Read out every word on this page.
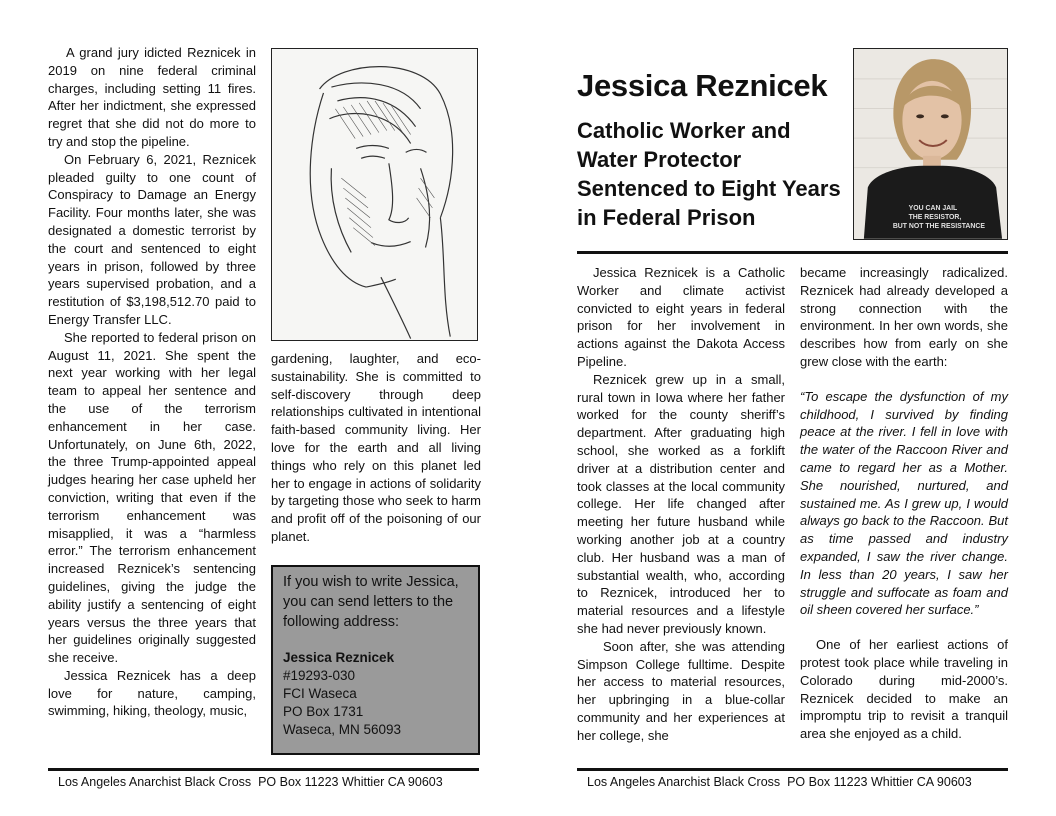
A grand jury idicted Reznicek in 2019 on nine federal criminal charges, including setting 11 fires. After her indictment, she expressed regret that she did not do more to try and stop the pipeline.

On February 6, 2021, Reznicek pleaded guilty to one count of Conspiracy to Damage an Energy Facility. Four months later, she was designated a domestic terrorist by the court and sentenced to eight years in prison, followed by three years supervised probation, and a restitution of $3,198,512.70 paid to Energy Transfer LLC.

She reported to federal prison on August 11, 2021. She spent the next year working with her legal team to appeal her sentence and the use of the terrorism enhancement in her case. Unfortunately, on June 6th, 2022, the three Trump-appointed appeal judges hearing her case upheld her conviction, writing that even if the terrorism enhancement was misapplied, it was a “harmless error.” The terrorism enhancement increased Reznicek’s sentencing guidelines, giving the judge the ability justify a sentencing of eight years versus the three years that her guidelines originally suggested she receive.

Jessica Reznicek has a deep love for nature, camping, swimming, hiking, theology, music,

gardening, laughter, and eco-sustainability. She is committed to self-discovery through deep relationships cultivated in intentional faith-based community living. Her love for the earth and all living things who rely on this planet led her to engage in actions of solidarity by targeting those who seek to harm and profit off of the poisoning of our planet.

If you wish to write Jessica, you can send letters to the following address:

Jessica Reznicek
#19293-030
FCI Waseca
PO Box 1731
Waseca, MN 56093
Los Angeles Anarchist Black Cross  PO Box 11223 Whittier CA 90603
Jessica Reznicek
Catholic Worker and Water Protector Sentenced to Eight Years in Federal Prison	YOU CAN JAIL
THE RESISTOR,
BUT NOT THE RESISTANCE

Jessica Reznicek is a Catholic Worker and climate activist convicted to eight years in federal prison for her involvement in actions against the Dakota Access Pipeline.

Reznicek grew up in a small, rural town in Iowa where her father worked for the county sheriff’s department. After graduating high school, she worked as a forklift driver at a distribution center and took classes at the local community college. Her life changed after meeting her future husband while working another job at a country club. Her husband was a man of substantial wealth, who, according to Reznicek, introduced her to material resources and a lifestyle she had never previously known.

Soon after, she was attending Simpson College fulltime. Despite her access to material resources, her upbringing in a blue-collar community and her experiences at her college, she

became increasingly radicalized. Reznicek had already developed a strong connection with the environment. In her own words, she describes how from early on she grew close with the earth:

“To escape the dysfunction of my childhood, I survived by finding peace at the river. I fell in love with the water of the Raccoon River and came to regard her as a Mother. She nourished, nurtured, and sustained me. As I grew up, I would always go back to the Raccoon. But as time passed and industry expanded, I saw the river change. In less than 20 years, I saw her struggle and suffocate as foam and oil sheen covered her surface.”

One of her earliest actions of protest took place while traveling in Colorado during mid-2000’s. Reznicek decided to make an impromptu trip to revisit a tranquil area she enjoyed as a child.

Los Angeles Anarchist Black Cross  PO Box 11223 Whittier CA 90603
